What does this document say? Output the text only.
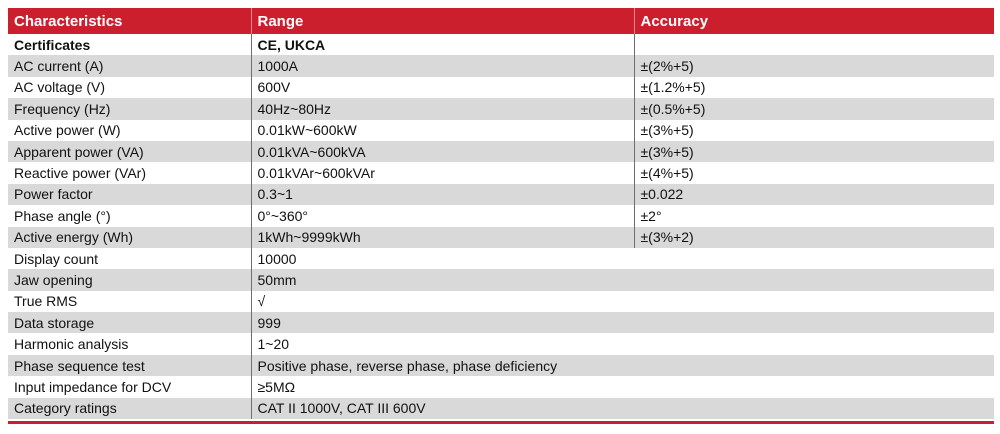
Characteristics	Range	Accuracy
Certificates	CE, UKCA	
AC current (A)	1000A	±(2%+5)
AC voltage (V)	600V	±(1.2%+5)
Frequency (Hz)	40Hz~80Hz	±(0.5%+5)
Active power (W)	0.01kW~600kW	±(3%+5)
Apparent power (VA)	0.01kVA~600kVA	±(3%+5)
Reactive power (VAr)	0.01kVAr~600kVAr	±(4%+5)
Power factor	0.3~1	±0.022
Phase angle (°)	0°~360°	±2°
Active energy (Wh)	1kWh~9999kWh	±(3%+2)
Display count	10000	
Jaw opening	50mm	
True RMS	√	
Data storage	999	
Harmonic analysis	1~20	
Phase sequence test	Positive phase, reverse phase, phase deficiency	
Input impedance for DCV	≥5MΩ	
Category ratings	CAT II 1000V, CAT III 600V	
